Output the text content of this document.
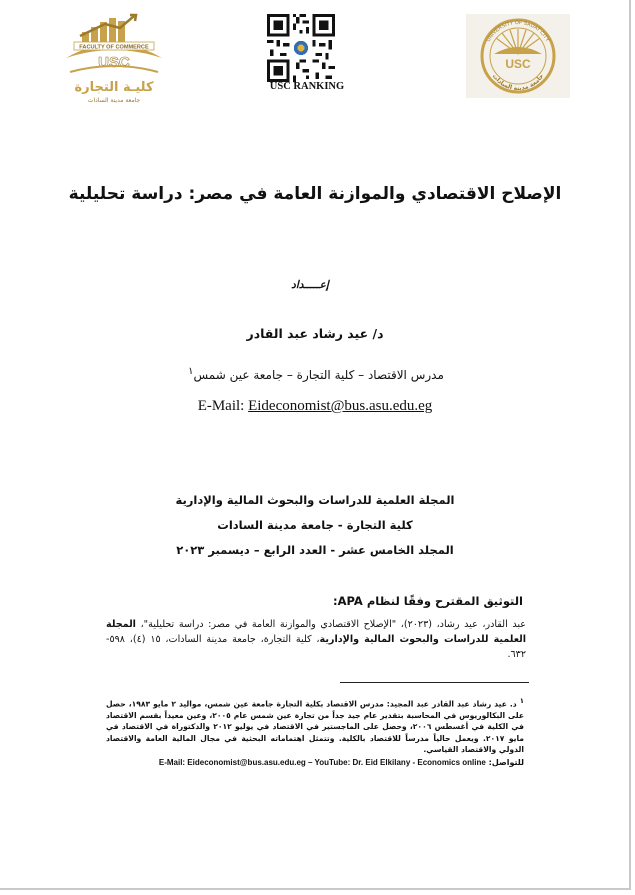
FACULTY OF COMMERCE
USC
كليـة التجارة
جامعة مدينة السادات
USC RANKING
UNIVERSITY OF SADAT CITY
USC
جامعة مدينة السادات
الإصلاح الاقتصادي والموازنة العامة في مصر: دراسة تحليلية
إعـــــداد
د/ عيد رشاد عبد القادر
مدرس الاقتصاد – كلية التجارة – جامعة عين شمس$^١$
E-Mail: Eideconomist@bus.asu.edu.eg
المجلة العلمية للدراسات والبحوث المالية والإدارية
كلية التجارة - جامعة مدينة السادات
المجلد الخامس عشر - العدد الرابع – ديسمبر ٢٠٢٣
التوثيق المقترح وفقًا لنظام APA:
عبد القادر، عيد رشاد، (٢٠٢٣)، "الإصلاح الاقتصادي والموازنة العامة في مصر: دراسة تحليلية"، المجلة العلمية للدراسات والبحوث المالية والإدارية، كلية التجارة، جامعة مدينة السادات، ١٥ (٤)، ٥٩٨- ٦٣٢.
$^١$ د. عيد رشاد عبد القادر عبد المجيد: مدرس الاقتصاد بكلية التجارة جامعة عين شمس، مواليد ٢ مايو ١٩٨٣، حصل على البكالوريوس في المحاسبة بتقدير عام جيد جداً من تجارة عين شمس عام ٢٠٠٥، وعين معيداً بقسم الاقتصاد في الكلية في أغسطس ٢٠٠٦، وحصل على الماجستير في الاقتصاد في يوليو ٢٠١٢ والدكتوراة في الاقتصاد في مايو ٢٠١٧. ويعمل حالياً مدرساً للاقتصاد بالكلية. وتتمثل اهتماماته البحثية في مجال المالية العامة والاقتصاد الدولي والاقتصاد القياسي.
للتواصل: E-Mail: Eideconomist@bus.asu.edu.eg – YouTube: Dr. Eid Elkilany - Economics online
